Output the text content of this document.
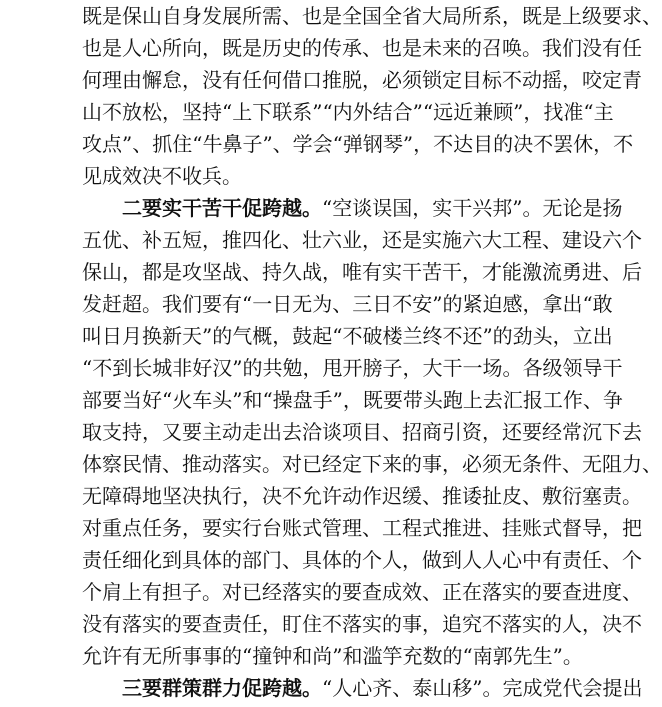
既是保山自身发展所需、也是全国全省大局所系，既是上级要求、
也是人心所向，既是历史的传承、也是未来的召唤。我们没有任
何理由懈怠，没有任何借口推脱，必须锁定目标不动摇，咬定青
山不放松，坚持“上下联系”“内外结合”“远近兼顾”，找准“主
攻点”、抓住“牛鼻子”、学会“弹钢琴”，不达目的决不罢休，不
见成效决不收兵。
二要实干苦干促跨越。“空谈误国，实干兴邦”。无论是扬
五优、补五短，推四化、壮六业，还是实施六大工程、建设六个
保山，都是攻坚战、持久战，唯有实干苦干，才能激流勇进、后
发赶超。我们要有“一日无为、三日不安”的紧迫感，拿出“敢
叫日月换新天”的气概，鼓起“不破楼兰终不还”的劲头，立出
“不到长城非好汉”的共勉，甩开膀子，大干一场。各级领导干
部要当好“火车头”和“操盘手”，既要带头跑上去汇报工作、争
取支持，又要主动走出去洽谈项目、招商引资，还要经常沉下去
体察民情、推动落实。对已经定下来的事，必须无条件、无阻力、
无障碍地坚决执行，决不允许动作迟缓、推诿扯皮、敷衍塞责。
对重点任务，要实行台账式管理、工程式推进、挂账式督导，把
责任细化到具体的部门、具体的个人，做到人人心中有责任、个
个肩上有担子。对已经落实的要查成效、正在落实的要查进度、
没有落实的要查责任，盯住不落实的事，追究不落实的人，决不
允许有无所事事的“撞钟和尚”和滥竽充数的“南郭先生”。
三要群策群力促跨越。“人心齐、泰山移”。完成党代会提出
